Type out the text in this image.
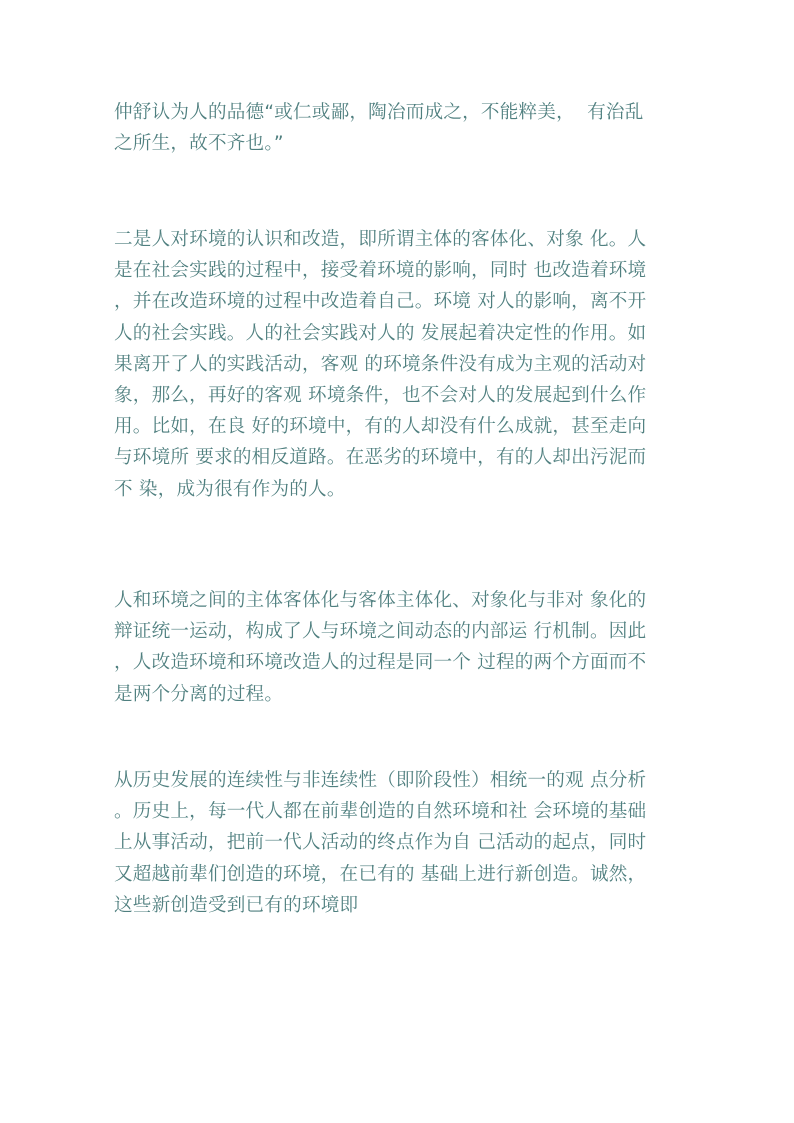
仲舒认为人的品德“或仁或鄙，陶冶而成之，不能粹美，  有治乱
之所生，故不齐也。”
二是人对环境的认识和改造，即所谓主体的客体化、对象 化。人
是在社会实践的过程中，接受着环境的影响，同时 也改造着环境
，并在改造环境的过程中改造着自己。环境 对人的影响，离不开
人的社会实践。人的社会实践对人的 发展起着决定性的作用。如
果离开了人的实践活动，客观 的环境条件没有成为主观的活动对
象，那么，再好的客观 环境条件，也不会对人的发展起到什么作
用。比如，在良 好的环境中，有的人却没有什么成就，甚至走向
与环境所 要求的相反道路。在恶劣的环境中，有的人却出污泥而
不 染，成为很有作为的人。
人和环境之间的主体客体化与客体主体化、对象化与非对 象化的
辩证统一运动，构成了人与环境之间动态的内部运 行机制。因此
，人改造环境和环境改造人的过程是同一个 过程的两个方面而不
是两个分离的过程。
从历史发展的连续性与非连续性（即阶段性）相统一的观 点分析
。历史上，每一代人都在前辈创造的自然环境和社 会环境的基础
上从事活动，把前一代人活动的终点作为自 己活动的起点，同时
又超越前辈们创造的环境，在已有的 基础上进行新创造。诚然，
这些新创造受到已有的环境即
